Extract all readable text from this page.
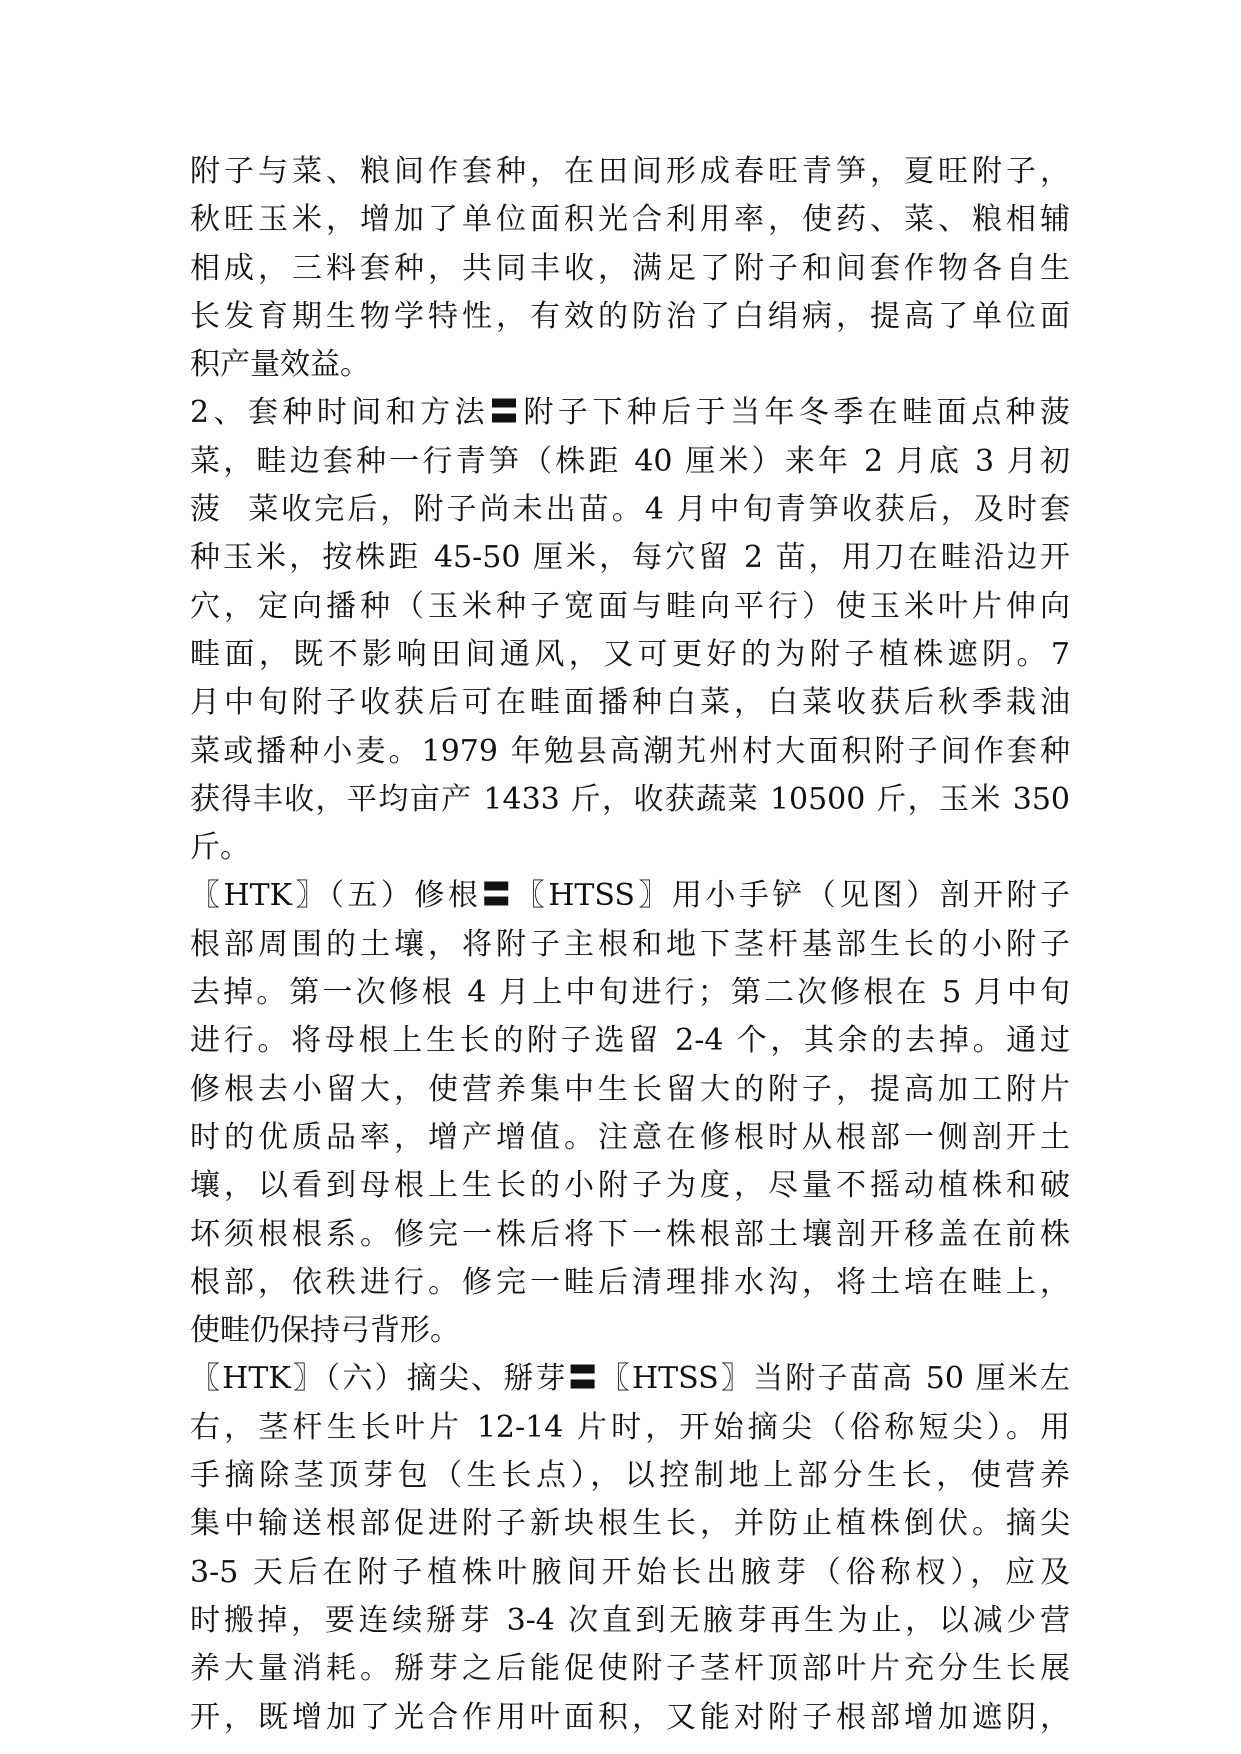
附子与菜、粮间作套种，在田间形成春旺青笋，夏旺附子，
秋旺玉米，增加了单位面积光合利用率，使药、菜、粮相辅
相成，三料套种，共同丰收，满足了附子和间套作物各自生
长发育期生物学特性，有效的防治了白绢病，提高了单位面
积产量效益。
2、套种时间和方法〓附子下种后于当年冬季在畦面点种菠
菜，畦边套种一行青笋（株距 40 厘米）来年 2 月底 3 月初
菠  菜收完后，附子尚未出苗。4 月中旬青笋收获后，及时套
种玉米，按株距 45-50 厘米，每穴留 2 苗，用刀在畦沿边开
穴，定向播种（玉米种子宽面与畦向平行）使玉米叶片伸向
畦面，既不影响田间通风，又可更好的为附子植株遮阴。7
月中旬附子收获后可在畦面播种白菜，白菜收获后秋季栽油
菜或播种小麦。1979 年勉县高潮艽州村大面积附子间作套种
获得丰收，平均亩产 1433 斤，收获蔬菜 10500 斤，玉米 350
斤。
〖HTK〗（五）修根〓〖HTSS〗用小手铲（见图）剖开附子
根部周围的土壤，将附子主根和地下茎杆基部生长的小附子
去掉。第一次修根 4 月上中旬进行；第二次修根在 5 月中旬
进行。将母根上生长的附子选留 2-4 个，其余的去掉。通过
修根去小留大，使营养集中生长留大的附子，提高加工附片
时的优质品率，增产增值。注意在修根时从根部一侧剖开土
壤，以看到母根上生长的小附子为度，尽量不摇动植株和破
坏须根根系。修完一株后将下一株根部土壤剖开移盖在前株
根部，依秩进行。修完一畦后清理排水沟，将土培在畦上，
使畦仍保持弓背形。
〖HTK〗（六）摘尖、掰芽〓〖HTSS〗当附子苗高 50 厘米左
右，茎杆生长叶片 12-14 片时，开始摘尖（俗称短尖）。用
手摘除茎顶芽包（生长点），以控制地上部分生长，使营养
集中输送根部促进附子新块根生长，并防止植株倒伏。摘尖
3-5 天后在附子植株叶腋间开始长出腋芽（俗称杈），应及
时搬掉，要连续掰芽 3-4 次直到无腋芽再生为止，以减少营
养大量消耗。掰芽之后能促使附子茎杆顶部叶片充分生长展
开，既增加了光合作用叶面积，又能对附子根部增加遮阴，
